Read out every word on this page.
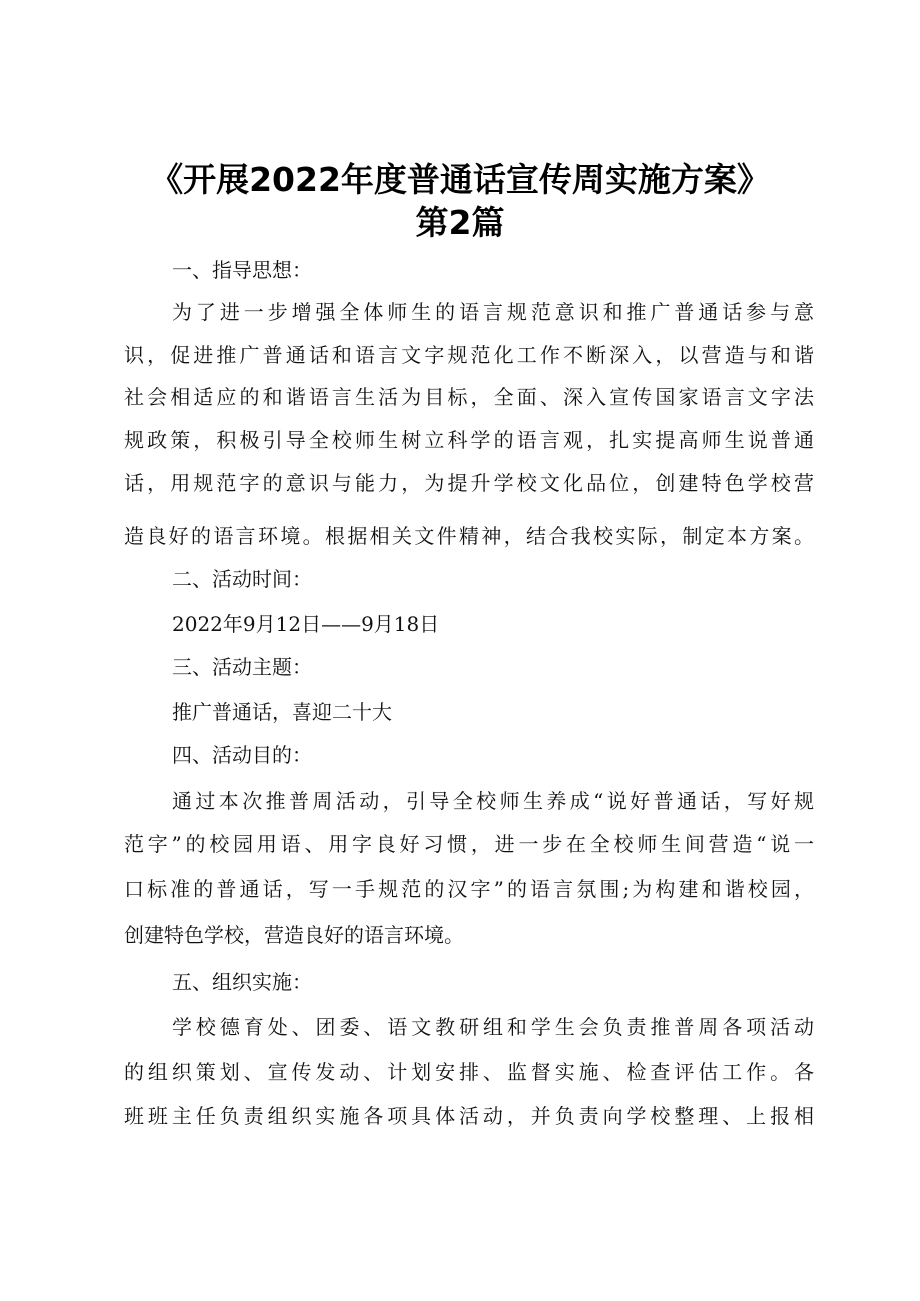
《开展2022年度普通话宣传周实施方案》
第2篇
一、指导思想：
为了进一步增强全体师生的语言规范意识和推广普通话参与意
识，促进推广普通话和语言文字规范化工作不断深入，以营造与和谐
社会相适应的和谐语言生活为目标，全面、深入宣传国家语言文字法
规政策，积极引导全校师生树立科学的语言观，扎实提高师生说普通
话，用规范字的意识与能力，为提升学校文化品位，创建特色学校营
造良好的语言环境。根据相关文件精神，结合我校实际，制定本方案。
二、活动时间：
2022年9月12日——9月18日
三、活动主题：
推广普通话，喜迎二十大
四、活动目的：
通过本次推普周活动，引导全校师生养成“说好普通话，写好规
范字”的校园用语、用字良好习惯，进一步在全校师生间营造“说一
口标准的普通话，写一手规范的汉字”的语言氛围;为构建和谐校园，
创建特色学校，营造良好的语言环境。
五、组织实施：
学校德育处、团委、语文教研组和学生会负责推普周各项活动
的组织策划、宣传发动、计划安排、监督实施、检查评估工作。各
班班主任负责组织实施各项具体活动，并负责向学校整理、上报相
